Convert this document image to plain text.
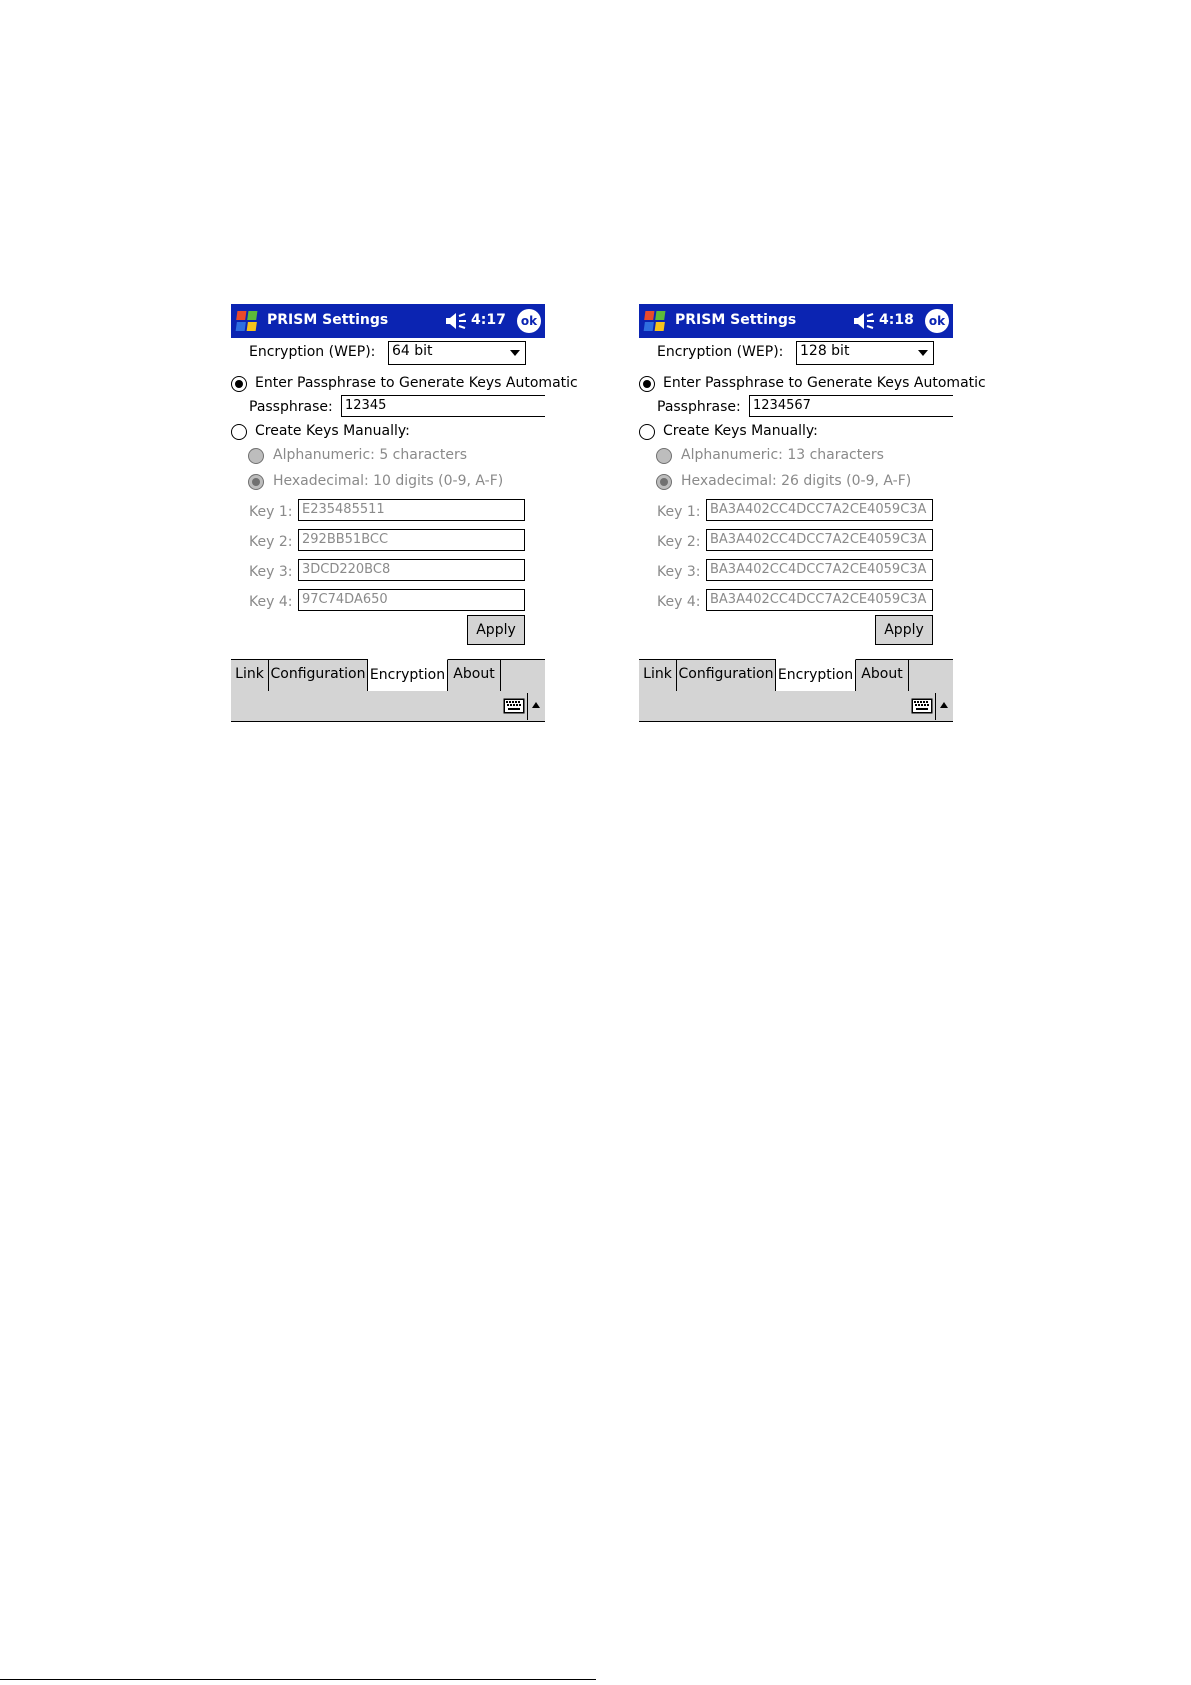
PRISM Settings	4:17	ok
Encryption (WEP): 64 bit
Enter Passphrase to Generate Keys Automatic
Passphrase: 12345
Create Keys Manually:
Alphanumeric: 5 characters
Hexadecimal: 10 digits (0-9, A-F)
Key 1: E235485511
Key 2: 292BB51BCC
Key 3: 3DCD220BC8
Key 4: 97C74DA650
Apply
Link Configuration Encryption About
PRISM Settings	4:18	ok
Encryption (WEP): 128 bit
Enter Passphrase to Generate Keys Automatic
Passphrase: 1234567
Create Keys Manually:
Alphanumeric: 13 characters
Hexadecimal: 26 digits (0-9, A-F)
Key 1: BA3A402CC4DCC7A2CE4059C3A
Key 2: BA3A402CC4DCC7A2CE4059C3A
Key 3: BA3A402CC4DCC7A2CE4059C3A
Key 4: BA3A402CC4DCC7A2CE4059C3A
Apply
Link Configuration Encryption About
